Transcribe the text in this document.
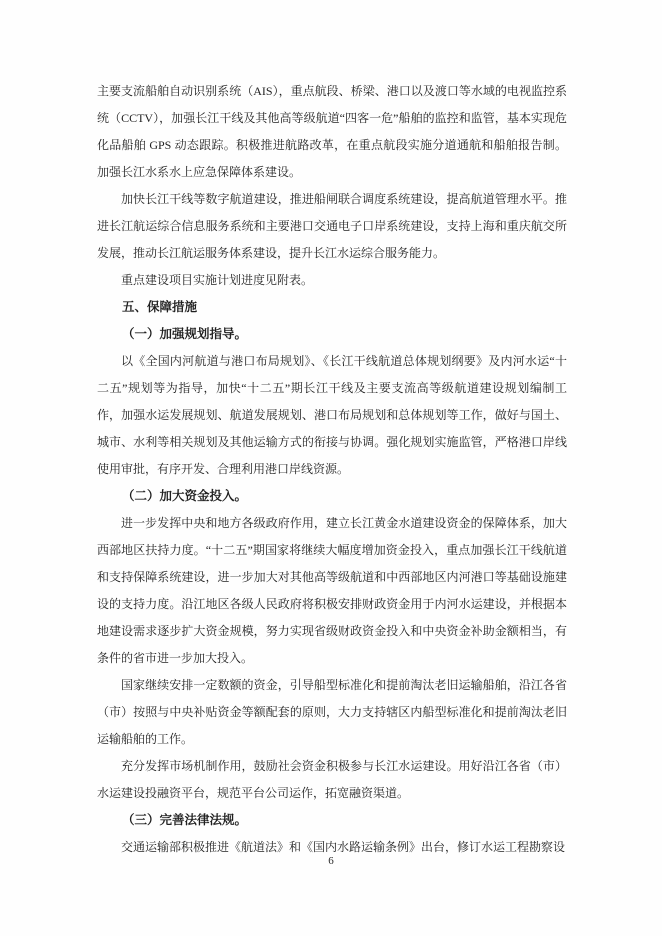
主要支流船舶自动识别系统（AIS），重点航段、桥梁、港口以及渡口等水域的电视监控系统（CCTV），加强长江干线及其他高等级航道“四客一危”船舶的监控和监管，基本实现危化品船舶 GPS 动态跟踪。积极推进航路改革，在重点航段实施分道通航和船舶报告制。加强长江水系水上应急保障体系建设。

加快长江干线等数字航道建设，推进船闸联合调度系统建设，提高航道管理水平。推进长江航运综合信息服务系统和主要港口交通电子口岸系统建设，支持上海和重庆航交所发展，推动长江航运服务体系建设，提升长江水运综合服务能力。

重点建设项目实施计划进度见附表。

五、保障措施

（一）加强规划指导。

以《全国内河航道与港口布局规划》、《长江干线航道总体规划纲要》及内河水运“十二五”规划等为指导，加快“十二五”期长江干线及主要支流高等级航道建设规划编制工作，加强水运发展规划、航道发展规划、港口布局规划和总体规划等工作，做好与国土、城市、水利等相关规划及其他运输方式的衔接与协调。强化规划实施监管，严格港口岸线使用审批，有序开发、合理利用港口岸线资源。

（二）加大资金投入。

进一步发挥中央和地方各级政府作用，建立长江黄金水道建设资金的保障体系，加大西部地区扶持力度。“十二五”期国家将继续大幅度增加资金投入，重点加强长江干线航道和支持保障系统建设，进一步加大对其他高等级航道和中西部地区内河港口等基础设施建设的支持力度。沿江地区各级人民政府将积极安排财政资金用于内河水运建设，并根据本地建设需求逐步扩大资金规模，努力实现省级财政资金投入和中央资金补助金额相当，有条件的省市进一步加大投入。

国家继续安排一定数额的资金，引导船型标准化和提前淘汰老旧运输船舶，沿江各省（市）按照与中央补贴资金等额配套的原则，大力支持辖区内船型标准化和提前淘汰老旧运输船舶的工作。

充分发挥市场机制作用，鼓励社会资金积极参与长江水运建设。用好沿江各省（市）水运建设投融资平台，规范平台公司运作，拓宽融资渠道。

（三）完善法律法规。

交通运输部积极推进《航道法》和《国内水路运输条例》出台，修订水运工程勘察设

6
